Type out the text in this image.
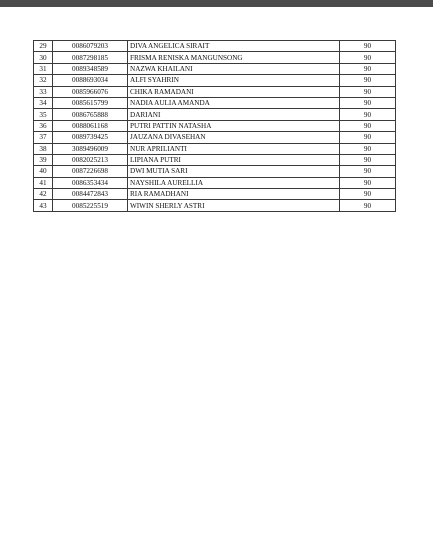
29	0086079203	DIVA ANGELICA SIRAIT	90
30	0087298185	FRISMA RENISKA MANGUNSONG	90
31	0089348589	NAZWA KHAILANI	90
32	0088693034	ALFI SYAHRIN	90
33	0085966076	CHIKA RAMADANI	90
34	0085615799	NADIA AULIA AMANDA	90
35	0086765888	DARIANI	90
36	0088061168	PUTRI PATTIN NATASHA	90
37	0089739425	JAUZANA DIVASEHAN	90
38	3089496009	NUR APRILIANTI	90
39	0082025213	LIPIANA PUTRI	90
40	0087226698	DWI MUTIA SARI	90
41	0086353434	NAYSHILA AURELLIA	90
42	0084472843	RIA RAMADHANI	90
43	0085225519	WIWIN SHERLY ASTRI	90
